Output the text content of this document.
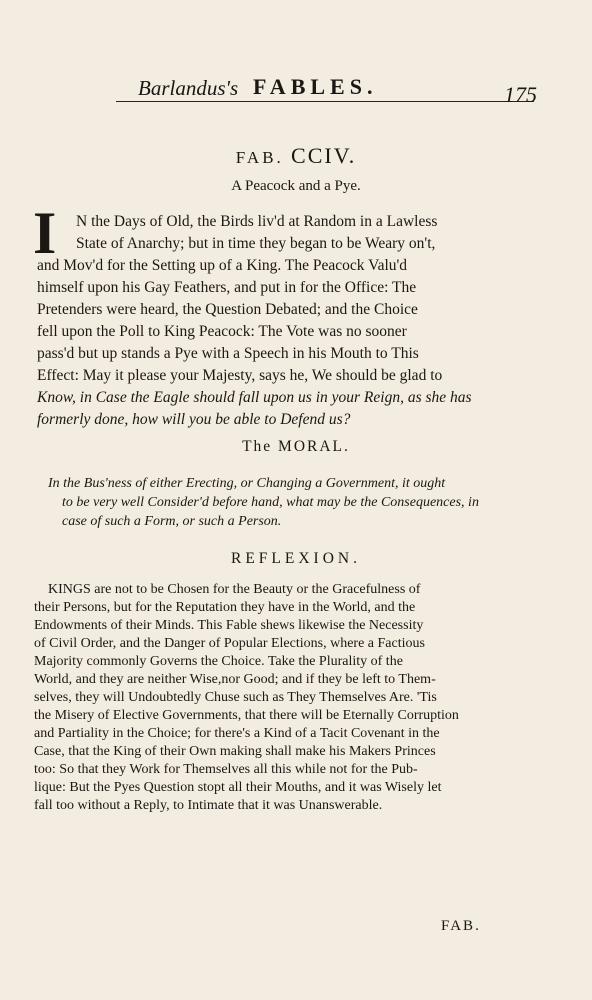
Barlandus's FABLES.	175
FAB. CCIV.
A Peacock and a Pye.
I N the Days of Old, the Birds liv'd at Random in a Lawless
State of Anarchy; but in time they began to be Weary on't,
and Mov'd for the Setting up of a King. The Peacock Valu'd
himself upon his Gay Feathers, and put in for the Office: The
Pretenders were heard, the Question Debated; and the Choice
fell upon the Poll to King Peacock: The Vote was no sooner
pass'd but up stands a Pye with a Speech in his Mouth to This
Effect: May it please your Majesty, says he, We should be glad to
Know, in Case the Eagle should fall upon us in your Reign, as she has
formerly done, how will you be able to Defend us?
The MORAL.
In the Bus'ness of either Erecting, or Changing a Government, it ought
to be very well Consider'd before hand, what may be the Consequences, in
case of such a Form, or such a Person.
REFLEXION.
KINGS are not to be Chosen for the Beauty or the Gracefulness of
their Persons, but for the Reputation they have in the World, and the
Endowments of their Minds. This Fable shews likewise the Necessity
of Civil Order, and the Danger of Popular Elections, where a Factious
Majority commonly Governs the Choice. Take the Plurality of the
World, and they are neither Wise,nor Good; and if they be left to Them-
selves, they will Undoubtedly Chuse such as They Themselves Are. 'Tis
the Misery of Elective Governments, that there will be Eternally Corruption
and Partiality in the Choice; for there's a Kind of a Tacit Covenant in the
Case, that the King of their Own making shall make his Makers Princes
too: So that they Work for Themselves all this while not for the Pub-
lique: But the Pyes Question stopt all their Mouths, and it was Wisely let
fall too without a Reply, to Intimate that it was Unanswerable.
FAB.
